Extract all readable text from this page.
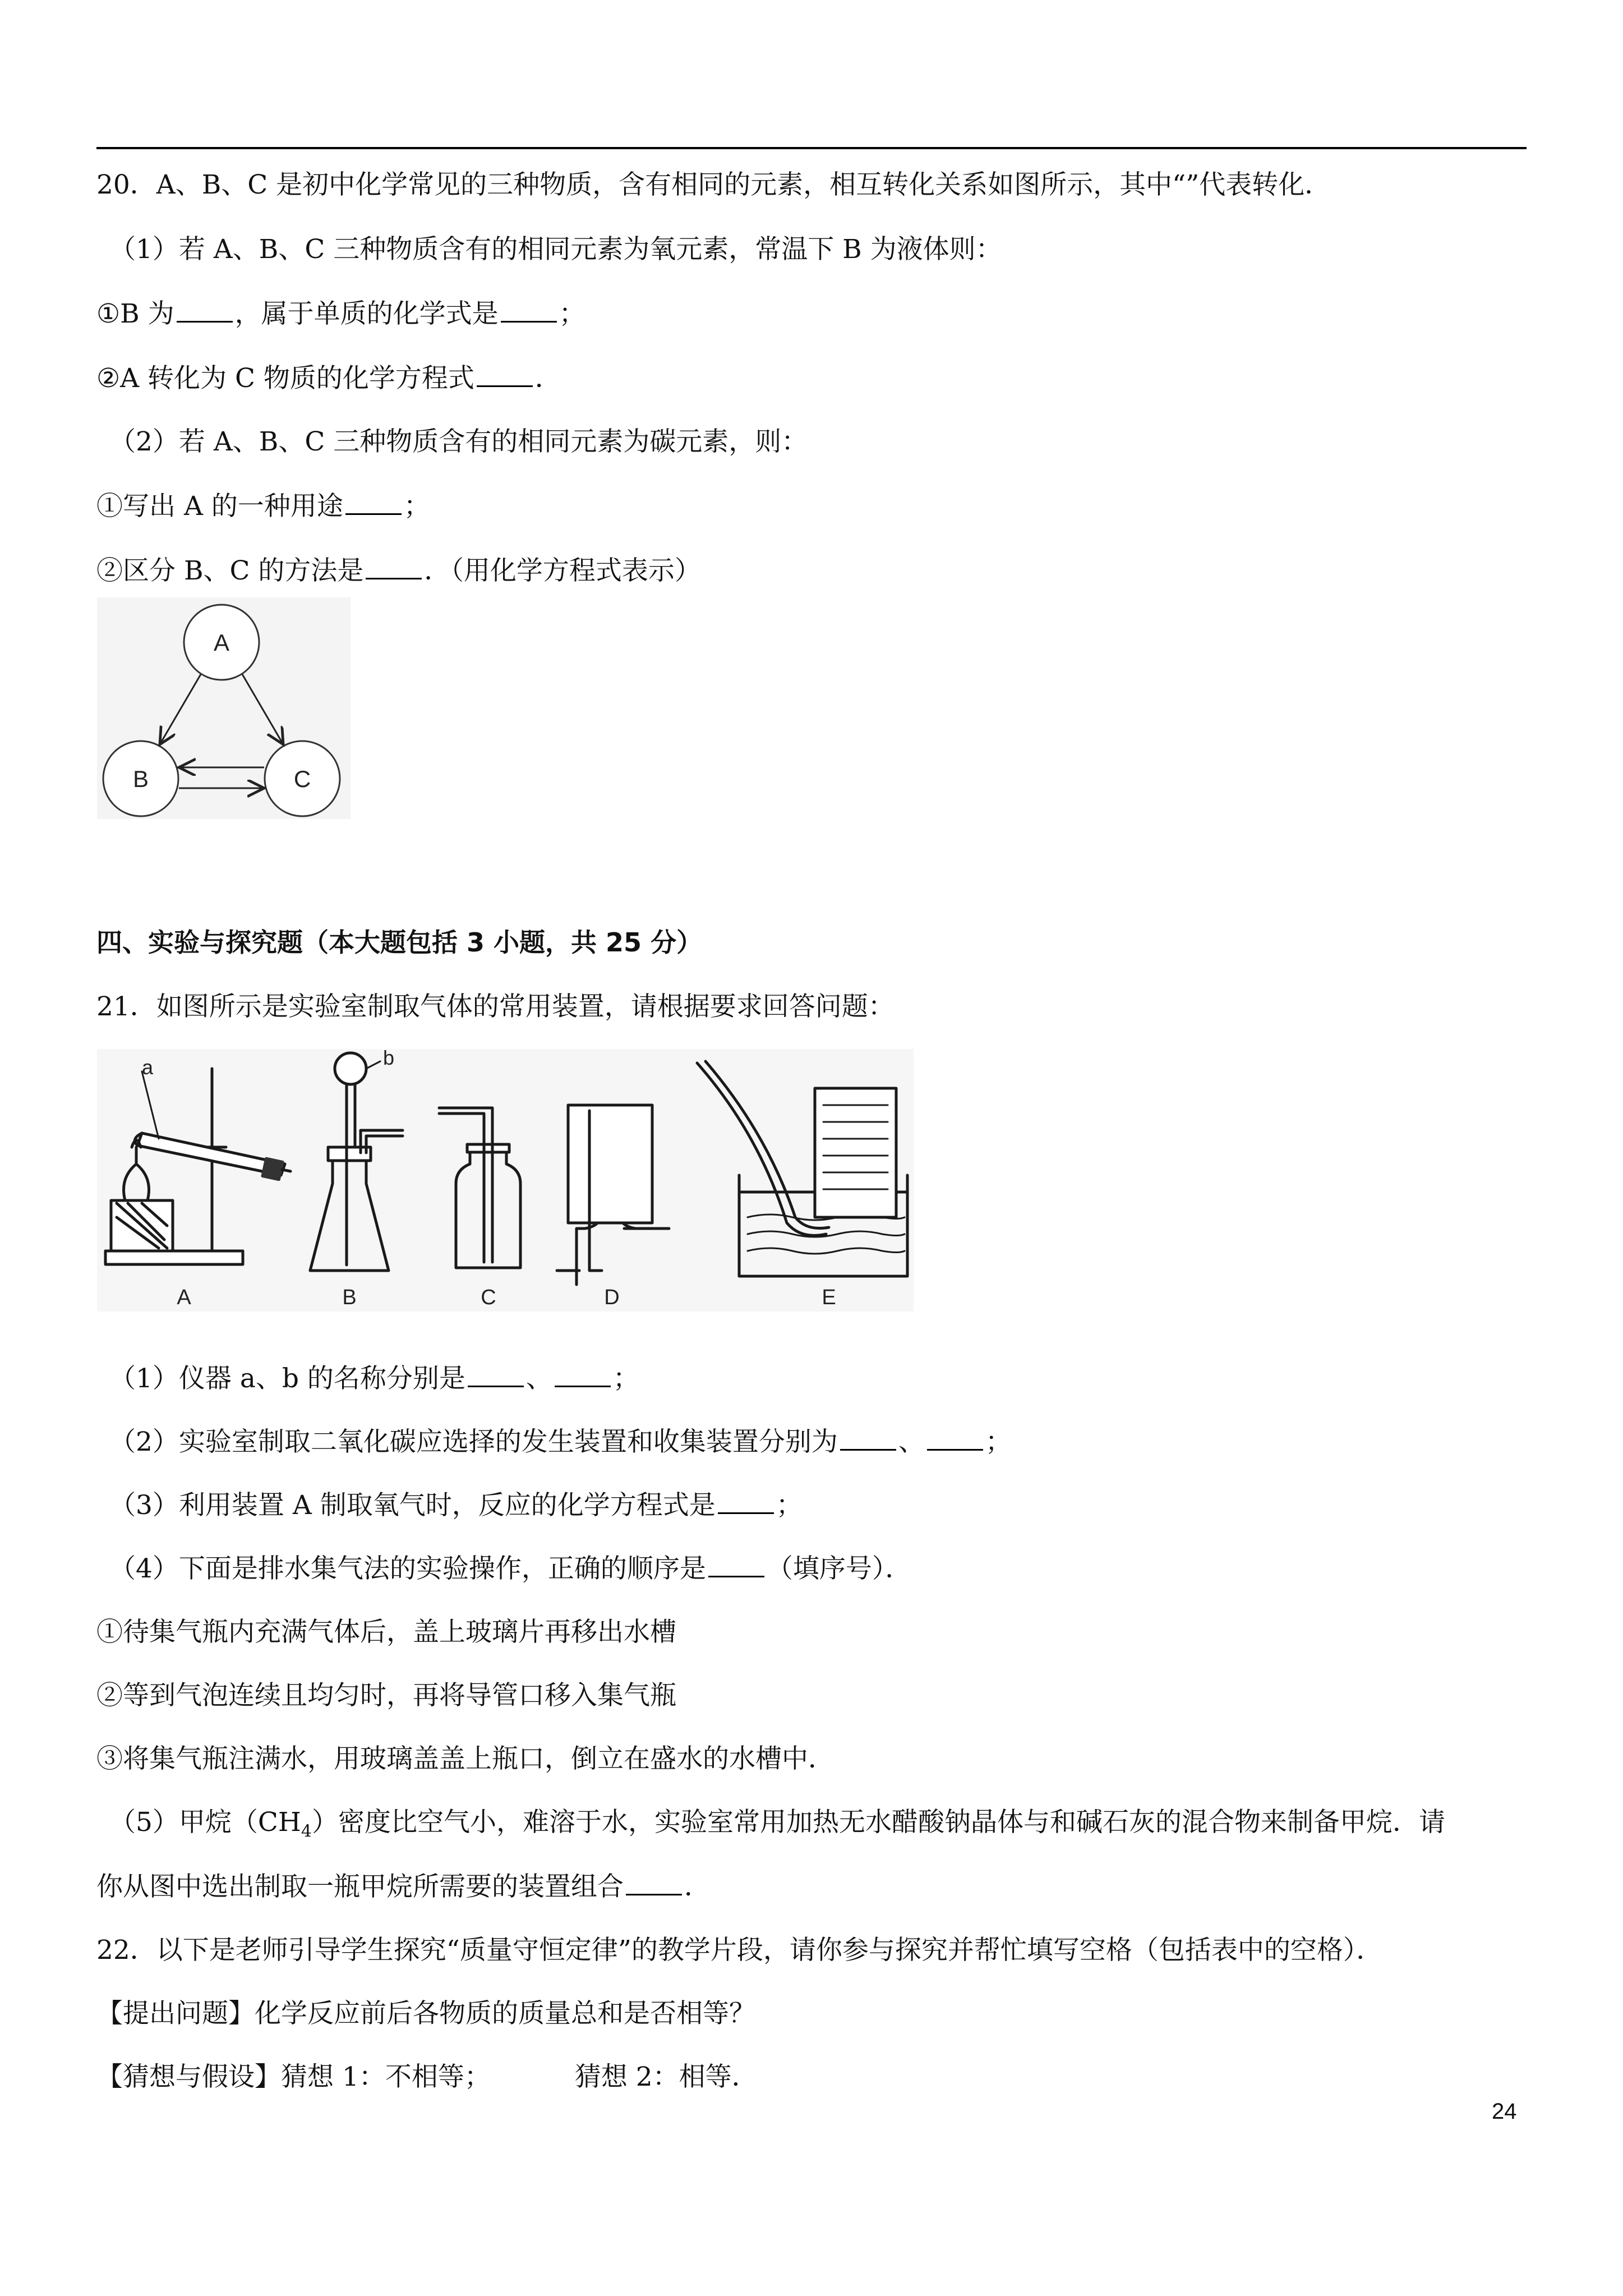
20．A、B、C 是初中化学常见的三种物质，含有相同的元素，相互转化关系如图所示，其中“”代表转化．
（1）若 A、B、C 三种物质含有的相同元素为氧元素，常温下 B 为液体则：
①B 为 ，属于单质的化学式是 ；
②A 转化为 C 物质的化学方程式 ．
（2）若 A、B、C 三种物质含有的相同元素为碳元素，则：
①写出 A 的一种用途 ；
②区分 B、C 的方法是 ．（用化学方程式表示）
A
B	C
四、实验与探究题（本大题包括 3 小题，共 25 分）
21．如图所示是实验室制取气体的常用装置，请根据要求回答问题：
a	b
A	B	C	D	E
（1）仪器 a、b 的名称分别是 、 ；
（2）实验室制取二氧化碳应选择的发生装置和收集装置分别为 、 ；
（3）利用装置 A 制取氧气时，反应的化学方程式是 ；
（4）下面是排水集气法的实验操作，正确的顺序是 （填序号）．
①待集气瓶内充满气体后，盖上玻璃片再移出水槽
②等到气泡连续且均匀时，再将导管口移入集气瓶
③将集气瓶注满水，用玻璃盖盖上瓶口，倒立在盛水的水槽中．
（5）甲烷$(CH_4)$密度比空气小，难溶于水，实验室常用加热无水醋酸钠晶体与和碱石灰的混合物来制备甲烷．请
你从图中选出制取一瓶甲烷所需要的装置组合 ．
22．以下是老师引导学生探究“质量守恒定律”的教学片段，请你参与探究并帮忙填写空格（包括表中的空格）．
【提出问题】化学反应前后各物质的质量总和是否相等？
【猜想与假设】猜想 1：不相等；	猜想 2：相等．
24
